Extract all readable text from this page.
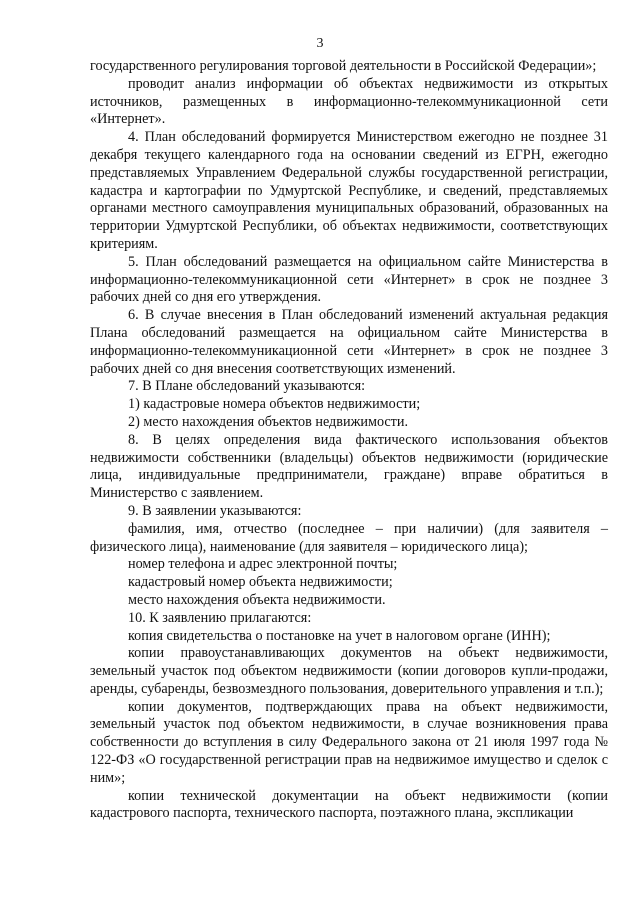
3

государственного регулирования торговой деятельности в Российской Федерации»;

проводит анализ информации об объектах недвижимости из открытых источников, размещенных в информационно-телекоммуникационной сети «Интернет».

4. План обследований формируется Министерством ежегодно не позднее 31 декабря текущего календарного года на основании сведений из ЕГРН, ежегодно представляемых Управлением Федеральной службы государственной регистрации, кадастра и картографии по Удмуртской Республике, и сведений, представляемых органами местного самоуправления муниципальных образований, образованных на территории Удмуртской Республики, об объектах недвижимости, соответствующих критериям.

5. План обследований размещается на официальном сайте Министерства в информационно-телекоммуникационной сети «Интернет» в срок не позднее 3 рабочих дней со дня его утверждения.

6. В случае внесения в План обследований изменений актуальная редакция Плана обследований размещается на официальном сайте Министерства в информационно-телекоммуникационной сети «Интернет» в срок не позднее 3 рабочих дней со дня внесения соответствующих изменений.

7. В Плане обследований указываются:

1) кадастровые номера объектов недвижимости;

2) место нахождения объектов недвижимости.

8. В целях определения вида фактического использования объектов недвижимости собственники (владельцы) объектов недвижимости (юридические лица, индивидуальные предприниматели, граждане) вправе обратиться в Министерство с заявлением.

9. В заявлении указываются:

фамилия, имя, отчество (последнее – при наличии) (для заявителя – физического лица), наименование (для заявителя – юридического лица);

номер телефона и адрес электронной почты;

кадастровый номер объекта недвижимости;

место нахождения объекта недвижимости.

10. К заявлению прилагаются:

копия свидетельства о постановке на учет в налоговом органе (ИНН);

копии правоустанавливающих документов на объект недвижимости, земельный участок под объектом недвижимости (копии договоров купли-продажи, аренды, субаренды, безвозмездного пользования, доверительного управления и т.п.);

копии документов, подтверждающих права на объект недвижимости, земельный участок под объектом недвижимости, в случае возникновения права собственности до вступления в силу Федерального закона от 21 июля 1997 года № 122-ФЗ «О государственной регистрации прав на недвижимое имущество и сделок с ним»;

копии технической документации на объект недвижимости (копии кадастрового паспорта, технического паспорта, поэтажного плана, экспликации
